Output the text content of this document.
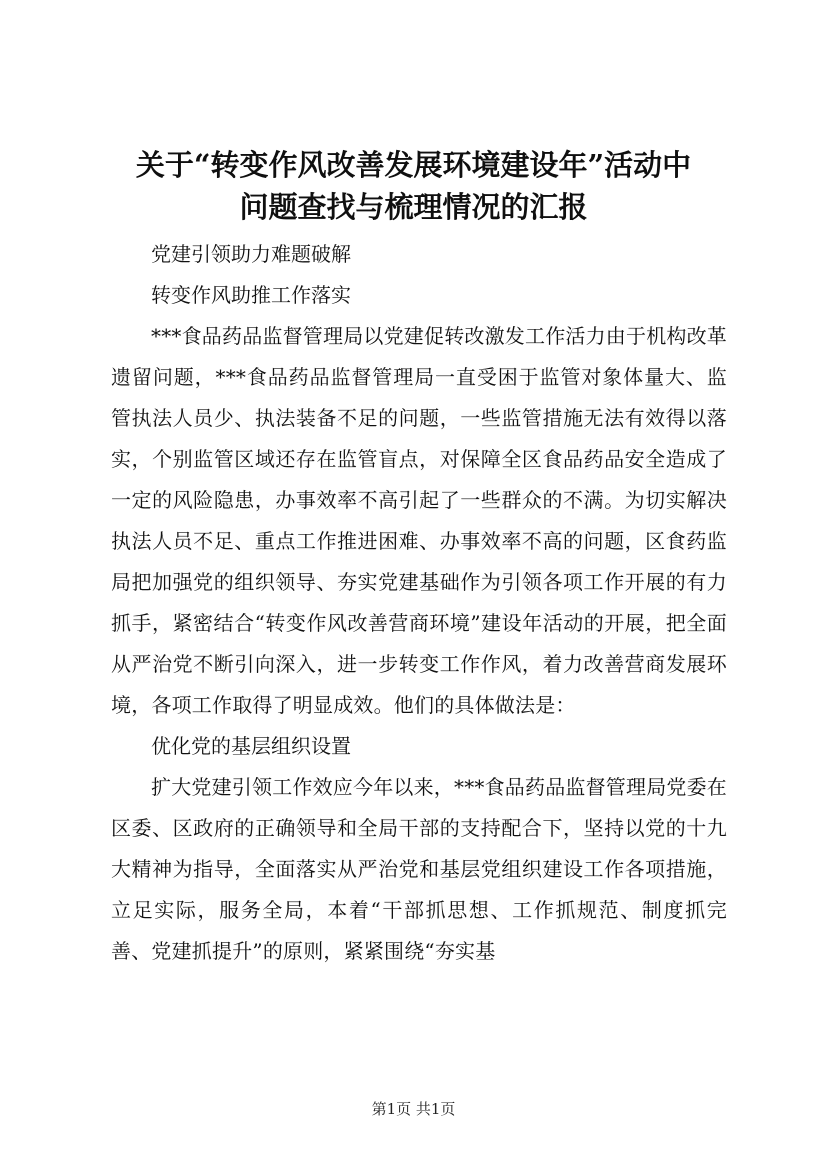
关于“转变作风改善发展环境建设年”活动中
问题查找与梳理情况的汇报

党建引领助力难题破解

转变作风助推工作落实

***食品药品监督管理局以党建促转改激发工作活力由于机构改革遗留问题，***食品药品监督管理局一直受困于监管对象体量大、监管执法人员少、执法装备不足的问题，一些监管措施无法有效得以落实，个别监管区域还存在监管盲点，对保障全区食品药品安全造成了一定的风险隐患，办事效率不高引起了一些群众的不满。为切实解决执法人员不足、重点工作推进困难、办事效率不高的问题，区食药监局把加强党的组织领导、夯实党建基础作为引领各项工作开展的有力抓手，紧密结合“转变作风改善营商环境”建设年活动的开展，把全面从严治党不断引向深入，进一步转变工作作风，着力改善营商发展环境，各项工作取得了明显成效。他们的具体做法是：

优化党的基层组织设置

扩大党建引领工作效应今年以来，***食品药品监督管理局党委在区委、区政府的正确领导和全局干部的支持配合下，坚持以党的十九大精神为指导，全面落实从严治党和基层党组织建设工作各项措施，立足实际，服务全局，本着“干部抓思想、工作抓规范、制度抓完善、党建抓提升”的原则，紧紧围绕“夯实基

第1页 共1页
